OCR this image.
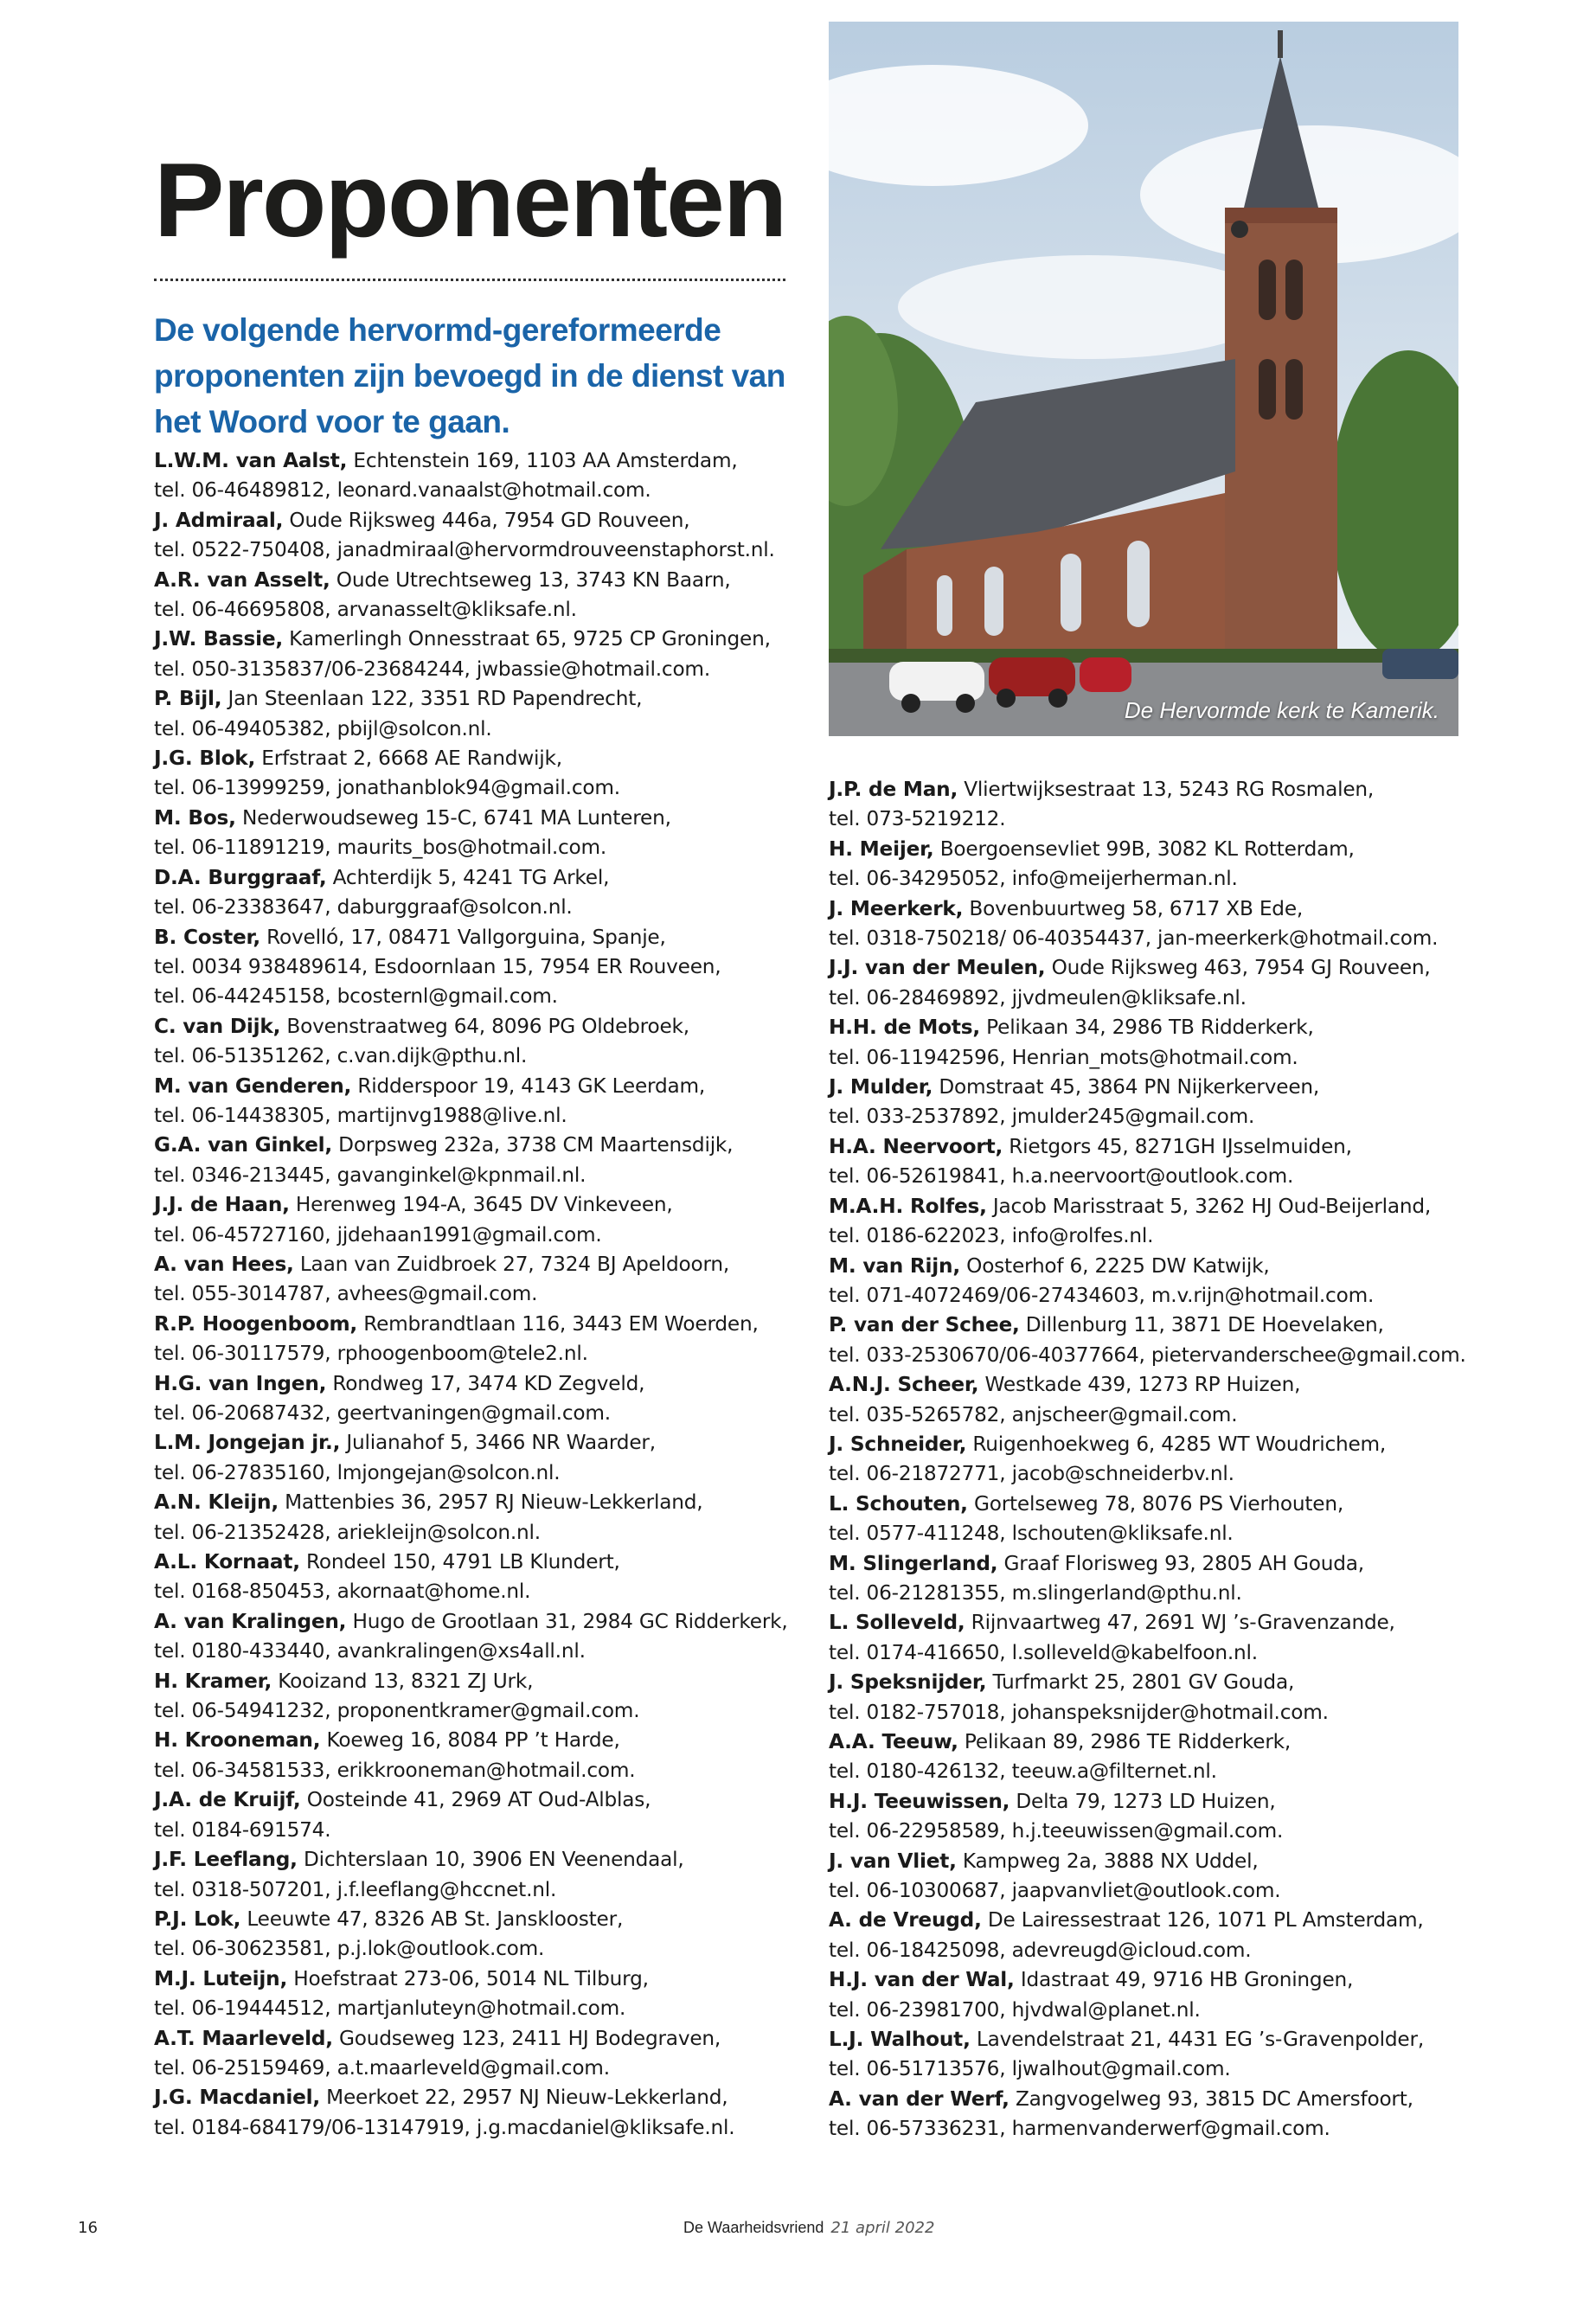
Proponenten

De volgende hervormd-gereformeerde proponenten zijn bevoegd in de dienst van het Woord voor te gaan.

De Hervormde kerk te Kamerik.
L.W.M. van Aalst, Echtenstein 169, 1103 AA Amsterdam,
tel. 06-46489812, leonard.vanaalst@hotmail.com.
J. Admiraal, Oude Rijksweg 446a, 7954 GD Rouveen,
tel. 0522-750408, janadmiraal@hervormdrouveenstaphorst.nl.
A.R. van Asselt, Oude Utrechtseweg 13, 3743 KN Baarn,
tel. 06-46695808, arvanasselt@kliksafe.nl.
J.W. Bassie, Kamerlingh Onnesstraat 65, 9725 CP Groningen,
tel. 050-3135837/06-23684244, jwbassie@hotmail.com.
P. Bijl, Jan Steenlaan 122, 3351 RD Papendrecht,
tel. 06-49405382, pbijl@solcon.nl.
J.G. Blok, Erfstraat 2, 6668 AE Randwijk,
tel. 06-13999259, jonathanblok94@gmail.com.
M. Bos, Nederwoudseweg 15-C, 6741 MA Lunteren,
tel. 06-11891219, maurits_bos@hotmail.com.
D.A. Burggraaf, Achterdijk 5, 4241 TG Arkel,
tel. 06-23383647, daburggraaf@solcon.nl.
B. Coster, Rovelló, 17, 08471 Vallgorguina, Spanje,
tel. 0034 938489614, Esdoornlaan 15, 7954 ER Rouveen,
tel. 06-44245158, bcosternl@gmail.com.
C. van Dijk, Bovenstraatweg 64, 8096 PG Oldebroek,
tel. 06-51351262, c.van.dijk@pthu.nl.
M. van Genderen, Ridderspoor 19, 4143 GK Leerdam,
tel. 06-14438305, martijnvg1988@live.nl.
G.A. van Ginkel, Dorpsweg 232a, 3738 CM Maartensdijk,
tel. 0346-213445, gavanginkel@kpnmail.nl.
J.J. de Haan, Herenweg 194-A, 3645 DV Vinkeveen,
tel. 06-45727160, jjdehaan1991@gmail.com.
A. van Hees, Laan van Zuidbroek 27, 7324 BJ Apeldoorn,
tel. 055-3014787, avhees@gmail.com.
R.P. Hoogenboom, Rembrandtlaan 116, 3443 EM Woerden,
tel. 06-30117579, rphoogenboom@tele2.nl.
H.G. van Ingen, Rondweg 17, 3474 KD Zegveld,
tel. 06-20687432, geertvaningen@gmail.com.
L.M. Jongejan jr., Julianahof 5, 3466 NR Waarder,
tel. 06-27835160, lmjongejan@solcon.nl.
A.N. Kleijn, Mattenbies 36, 2957 RJ Nieuw-Lekkerland,
tel. 06-21352428, ariekleijn@solcon.nl.
A.L. Kornaat, Rondeel 150, 4791 LB Klundert,
tel. 0168-850453, akornaat@home.nl.
A. van Kralingen, Hugo de Grootlaan 31, 2984 GC Ridderkerk,
tel. 0180-433440, avankralingen@xs4all.nl.
H. Kramer, Kooizand 13, 8321 ZJ Urk,
tel. 06-54941232, proponentkramer@gmail.com.
H. Krooneman, Koeweg 16, 8084 PP ’t Harde,
tel. 06-34581533, erikkrooneman@hotmail.com.
J.A. de Kruijf, Oosteinde 41, 2969 AT Oud-Alblas,
tel. 0184-691574.
J.F. Leeflang, Dichterslaan 10, 3906 EN Veenendaal,
tel. 0318-507201, j.f.leeflang@hccnet.nl.
P.J. Lok, Leeuwte 47, 8326 AB St. Jansklooster,
tel. 06-30623581, p.j.lok@outlook.com.
M.J. Luteijn, Hoefstraat 273-06, 5014 NL Tilburg,
tel. 06-19444512, martjanluteyn@hotmail.com.
A.T. Maarleveld, Goudseweg 123, 2411 HJ Bodegraven,
tel. 06-25159469, a.t.maarleveld@gmail.com.
J.G. Macdaniel, Meerkoet 22, 2957 NJ Nieuw-Lekkerland,
tel. 0184-684179/06-13147919, j.g.macdaniel@kliksafe.nl.
J.P. de Man, Vliertwijksestraat 13, 5243 RG Rosmalen,
tel. 073-5219212.
H. Meijer, Boergoensevliet 99B, 3082 KL Rotterdam,
tel. 06-34295052, info@meijerherman.nl.
J. Meerkerk, Bovenbuurtweg 58, 6717 XB Ede,
tel. 0318-750218/ 06-40354437, jan-meerkerk@hotmail.com.
J.J. van der Meulen, Oude Rijksweg 463, 7954 GJ Rouveen,
tel. 06-28469892, jjvdmeulen@kliksafe.nl.
H.H. de Mots, Pelikaan 34, 2986 TB Ridderkerk,
tel. 06-11942596, Henrian_mots@hotmail.com.
J. Mulder, Domstraat 45, 3864 PN Nijkerkerveen,
tel. 033-2537892, jmulder245@gmail.com.
H.A. Neervoort, Rietgors 45, 8271GH IJsselmuiden,
tel. 06-52619841, h.a.neervoort@outlook.com.
M.A.H. Rolfes, Jacob Marisstraat 5, 3262 HJ Oud-Beijerland,
tel. 0186-622023, info@rolfes.nl.
M. van Rijn, Oosterhof 6, 2225 DW Katwijk,
tel. 071-4072469/06-27434603, m.v.rijn@hotmail.com.
P. van der Schee, Dillenburg 11, 3871 DE Hoevelaken,
tel. 033-2530670/06-40377664, pietervanderschee@gmail.com.
A.N.J. Scheer, Westkade 439, 1273 RP Huizen,
tel. 035-5265782, anjscheer@gmail.com.
J. Schneider, Ruigenhoekweg 6, 4285 WT Woudrichem,
tel. 06-21872771, jacob@schneiderbv.nl.
L. Schouten, Gortelseweg 78, 8076 PS Vierhouten,
tel. 0577-411248, lschouten@kliksafe.nl.
M. Slingerland, Graaf Florisweg 93, 2805 AH Gouda,
tel. 06-21281355, m.slingerland@pthu.nl.
L. Solleveld, Rijnvaartweg 47, 2691 WJ ’s-Gravenzande,
tel. 0174-416650, l.solleveld@kabelfoon.nl.
J. Speksnijder, Turfmarkt 25, 2801 GV Gouda,
tel. 0182-757018, johanspeksnijder@hotmail.com.
A.A. Teeuw, Pelikaan 89, 2986 TE Ridderkerk,
tel. 0180-426132, teeuw.a@filternet.nl.
H.J. Teeuwissen, Delta 79, 1273 LD Huizen,
tel. 06-22958589, h.j.teeuwissen@gmail.com.
J. van Vliet, Kampweg 2a, 3888 NX Uddel,
tel. 06-10300687, jaapvanvliet@outlook.com.
A. de Vreugd, De Lairessestraat 126, 1071 PL Amsterdam,
tel. 06-18425098, adevreugd@icloud.com.
H.J. van der Wal, Idastraat 49, 9716 HB Groningen,
tel. 06-23981700, hjvdwal@planet.nl.
L.J. Walhout, Lavendelstraat 21, 4431 EG ’s-Gravenpolder,
tel. 06-51713576, ljwalhout@gmail.com.
A. van der Werf, Zangvogelweg 93, 3815 DC Amersfoort,
tel. 06-57336231, harmenvanderwerf@gmail.com.
16	De Waarheidsvriend 21 april 2022
